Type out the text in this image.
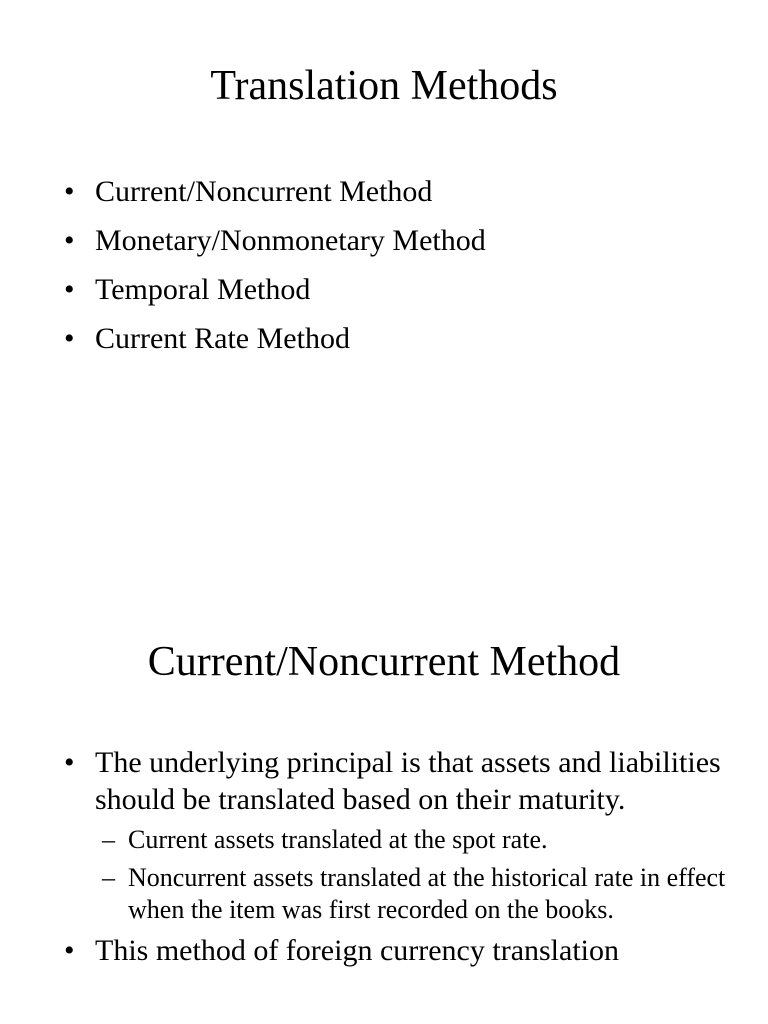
Translation Methods
• Current/Noncurrent Method
• Monetary/Nonmonetary Method
• Temporal Method
• Current Rate Method
Current/Noncurrent Method
• The underlying principal is that assets and liabilities should be translated based on their maturity.
– Current assets translated at the spot rate.
– Noncurrent assets translated at the historical rate in effect when the item was first recorded on the books.
• This method of foreign currency translation
